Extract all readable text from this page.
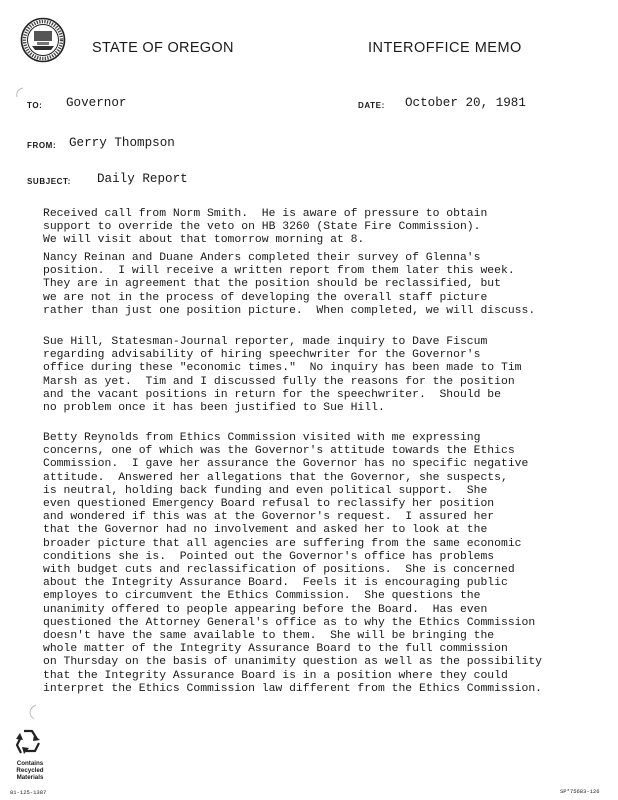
STATE OF OREGON	INTEROFFICE MEMO
TO: Governor	DATE: October 20, 1981
FROM: Gerry Thompson
SUBJECT: Daily Report

Received call from Norm Smith.  He is aware of pressure to obtain
support to override the veto on HB 3260 (State Fire Commission).
We will visit about that tomorrow morning at 8.

Nancy Reinan and Duane Anders completed their survey of Glenna's
position.  I will receive a written report from them later this week.
They are in agreement that the position should be reclassified, but
we are not in the process of developing the overall staff picture
rather than just one position picture.  When completed, we will discuss.

Sue Hill, Statesman-Journal reporter, made inquiry to Dave Fiscum
regarding advisability of hiring speechwriter for the Governor's
office during these "economic times."  No inquiry has been made to Tim
Marsh as yet.  Tim and I discussed fully the reasons for the position
and the vacant positions in return for the speechwriter.  Should be
no problem once it has been justified to Sue Hill.

Betty Reynolds from Ethics Commission visited with me expressing
concerns, one of which was the Governor's attitude towards the Ethics
Commission.  I gave her assurance the Governor has no specific negative
attitude.  Answered her allegations that the Governor, she suspects,
is neutral, holding back funding and even political support.  She
even questioned Emergency Board refusal to reclassify her position
and wondered if this was at the Governor's request.  I assured her
that the Governor had no involvement and asked her to look at the
broader picture that all agencies are suffering from the same economic
conditions she is.  Pointed out the Governor's office has problems
with budget cuts and reclassification of positions.  She is concerned
about the Integrity Assurance Board.  Feels it is encouraging public
employes to circumvent the Ethics Commission.  She questions the
unanimity offered to people appearing before the Board.  Has even
questioned the Attorney General's office as to why the Ethics Commission
doesn't have the same available to them.  She will be bringing the
whole matter of the Integrity Assurance Board to the full commission
on Thursday on the basis of unanimity question as well as the possibility
that the Integrity Assurance Board is in a position where they could
interpret the Ethics Commission law different from the Ethics Commission.

Contains Recycled Materials
81-125-1387	SP*75683-126
